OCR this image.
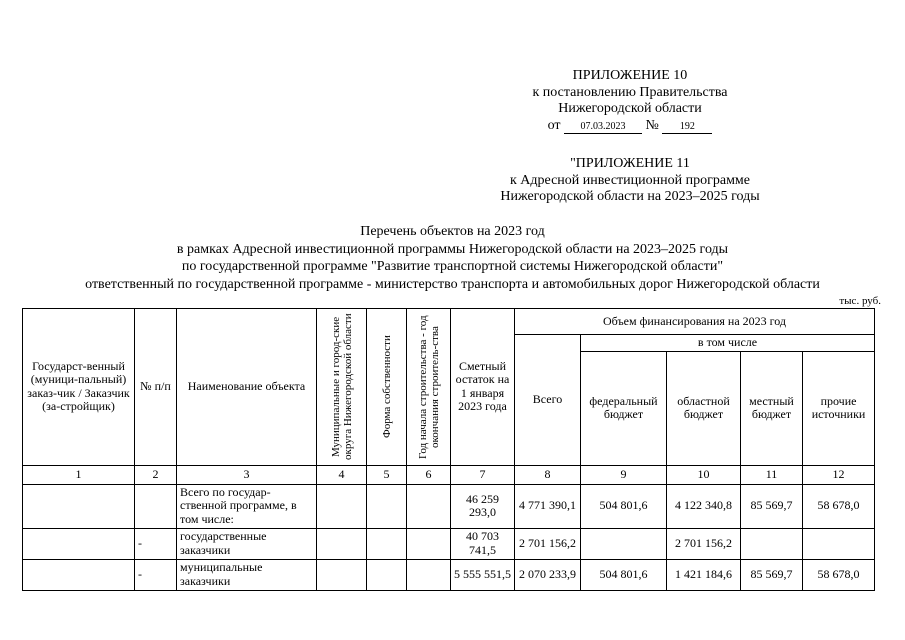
ПРИЛОЖЕНИЕ 10
к постановлению Правительства
Нижегородской области
от 07.03.2023 № 192
"ПРИЛОЖЕНИЕ 11
к Адресной инвестиционной программе
Нижегородской области на 2023–2025 годы
Перечень объектов на 2023 год
в рамках Адресной инвестиционной программы Нижегородской области на 2023–2025 годы
по государственной программе "Развитие транспортной системы Нижегородской области"
ответственный по государственной программе - министерство транспорта и автомобильных дорог Нижегородской области
тыс. руб.
Государст-венный (муници-пальный) заказ-чик / Заказчик (за-стройщик)	№ п/п	Наименование объекта	Муниципальные и город-ские округа Нижегородской области	Форма собственности	Год начала строительства - год окончания строитель-ства	Сметный остаток на 1 января 2023 года	Объем финансирования на 2023 год				
							Всего	в том числе			
								федеральный бюджет	областной бюджет	местный бюджет	прочие источники
1	2	3	4	5	6	7	8	9	10	11	12
		Всего по государ-ственной программе, в том числе:				46 259 293,0	4 771 390,1	504 801,6	4 122 340,8	85 569,7	58 678,0
	-	государственные заказчики				40 703 741,5	2 701 156,2		2 701 156,2		
	-	муниципальные заказчики				5 555 551,5	2 070 233,9	504 801,6	1 421 184,6	85 569,7	58 678,0
